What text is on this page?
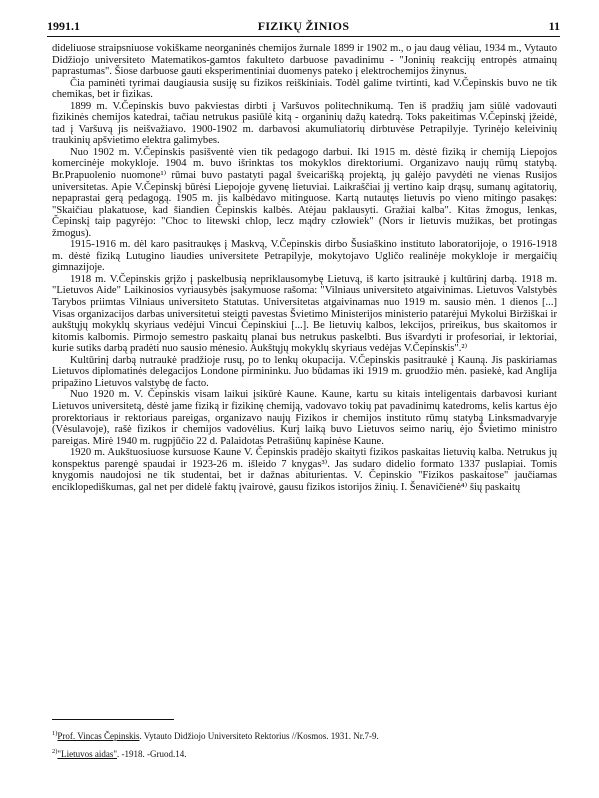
1991.1	FIZIKŲ ŽINIOS	11

dideliuose straipsniuose vokiškame neorganinės chemijos žurnale 1899 ir 1902 m., o jau daug vėliau, 1934 m., Vytauto Didžiojo universiteto Matematikos-gamtos fakulteto darbuose pavadinimu - "Joninių reakcijų entropės atmainų paprastumas". Šiose darbuose gauti eksperimentiniai duomenys pateko į elektrochemijos žinynus.

Čia paminėti tyrimai daugiausia susiję su fizikos reiškiniais. Todėl galime tvirtinti, kad V.Čepinskis buvo ne tik chemikas, bet ir fizikas.

1899 m. V.Čepinskis buvo pakviestas dirbti į Varšuvos politechnikumą. Ten iš pradžių jam siūlė vadovauti fizikinės chemijos katedrai, tačiau netrukus pasiūlė kitą - organinių dažų katedrą. Toks pakeitimas V.Čepinskį įžeidė, tad į Varšuvą jis neišvažiavo. 1900-1902 m. darbavosi akumuliatorių dirbtuvėse Petrapilyje. Tyrinėjo keleivinių traukinių apšvietimo elektra galimybes.

Nuo 1902 m. V.Čepinskis pasišventė vien tik pedagogo darbui. Iki 1915 m. dėstė fiziką ir chemiją Liepojos komercinėje mokykloje. 1904 m. buvo išrinktas tos mokyklos direktoriumi. Organizavo naujų rūmų statybą. Br.Prapuolenio nuomone¹⁾ rūmai buvo pastatyti pagal šveicarišką projektą, jų galėjo pavydėti ne vienas Rusijos universitetas. Apie V.Čepinskį būrėsi Liepojoje gyvenę lietuviai. Laikraščiai jį vertino kaip drąsų, sumanų agitatorių, nepaprastai gerą pedagogą. 1905 m. jis kalbėdavo mitinguose. Kartą nutautęs lietuvis po vieno mitingo pasakęs: "Skaičiau plakatuose, kad šiandien Čepinskis kalbės. Atėjau paklausyti. Gražiai kalba". Kitas žmogus, lenkas, Čepinskį taip pagyrėjo: "Choc to litewski chlop, lecz mądry człowiek" (Nors ir lietuvis mužikas, bet protingas žmogus).

1915-1916 m. dėl karo pasitraukęs į Maskvą, V.Čepinskis dirbo Šusiaškino instituto laboratorijoje, o 1916-1918 m. dėstė fiziką Lutugino liaudies universitete Petrapilyje, mokytojavo Ugličo realinėje mokykloje ir mergaičių gimnazijoje.

1918 m. V.Čepinskis grįžo į paskelbusią nepriklausomybę Lietuvą, iš karto įsitraukė į kultūrinį darbą. 1918 m. "Lietuvos Aide" Laikinosios vyriausybės įsakymuose rašoma: "Vilniaus universiteto atgaivinimas. Lietuvos Valstybės Tarybos priimtas Vilniaus universiteto Statutas. Universitetas atgaivinamas nuo 1919 m. sausio mėn. 1 dienos [...] Visas organizacijos darbas universitetui steigti pavestas Švietimo Ministerijos ministerio patarėjui Mykolui Biržiškai ir aukštųjų mokyklų skyriaus vedėjui Vincui Čepinskiui [...]. Be lietuvių kalbos, lekcijos, prireikus, bus skaitomos ir kitomis kalbomis. Pirmojo semestro paskaitų planai bus netrukus paskelbti. Bus išvardyti ir profesoriai, ir lektoriai, kurie sutiks darbą pradėti nuo sausio mėnesio. Aukštųjų mokyklų skyriaus vedėjas V.Čepinskis".²⁾

Kultūrinį darbą nutraukė pradžioje rusų, po to lenkų okupacija. V.Čepinskis pasitraukė į Kauną. Jis paskiriamas Lietuvos diplomatinės delegacijos Londone pirmininku. Juo būdamas iki 1919 m. gruodžio mėn. pasiekė, kad Anglija pripažino Lietuvos valstybę de facto.

Nuo 1920 m. V. Čepinskis visam laikui įsikūrė Kaune. Kaune, kartu su kitais inteligentais darbavosi kuriant Lietuvos universitetą, dėstė jame fiziką ir fizikinę chemiją, vadovavo tokių pat pavadinimų katedroms, kelis kartus ėjo prorektoriaus ir rektoriaus pareigas, organizavo naujų Fizikos ir chemijos instituto rūmų statybą Linksmadvaryje (Vėsulavoje), rašė fizikos ir chemijos vadovėlius. Kurį laiką buvo Lietuvos seimo narių, ėjo Švietimo ministro pareigas. Mirė 1940 m. rugpjūčio 22 d. Palaidotas Petrašiūnų kapinėse Kaune.

1920 m. Aukštuosiuose kursuose Kaune V. Čepinskis pradėjo skaityti fizikos paskaitas lietuvių kalba. Netrukus jų konspektus parengė spaudai ir 1923-26 m. išleido 7 knygas³⁾. Jas sudaro didelio formato 1337 puslapiai. Tomis knygomis naudojosi ne tik studentai, bet ir dažnas abiturientas. V. Čepinskio "Fizikos paskaitose" jaučiamas enciklopediškumas, gal net per didelė faktų įvairovė, gausu fizikos istorijos žinių. I. Šenavičienė⁴⁾ šių paskaitų

$^{1)}$Prof. Vincas Čepinskis. Vytauto Didžiojo Universiteto Rektorius //Kosmos. 1931. Nr.7-9.
$^{2)}$"Lietuvos aidas". -1918. -Gruod.14.
